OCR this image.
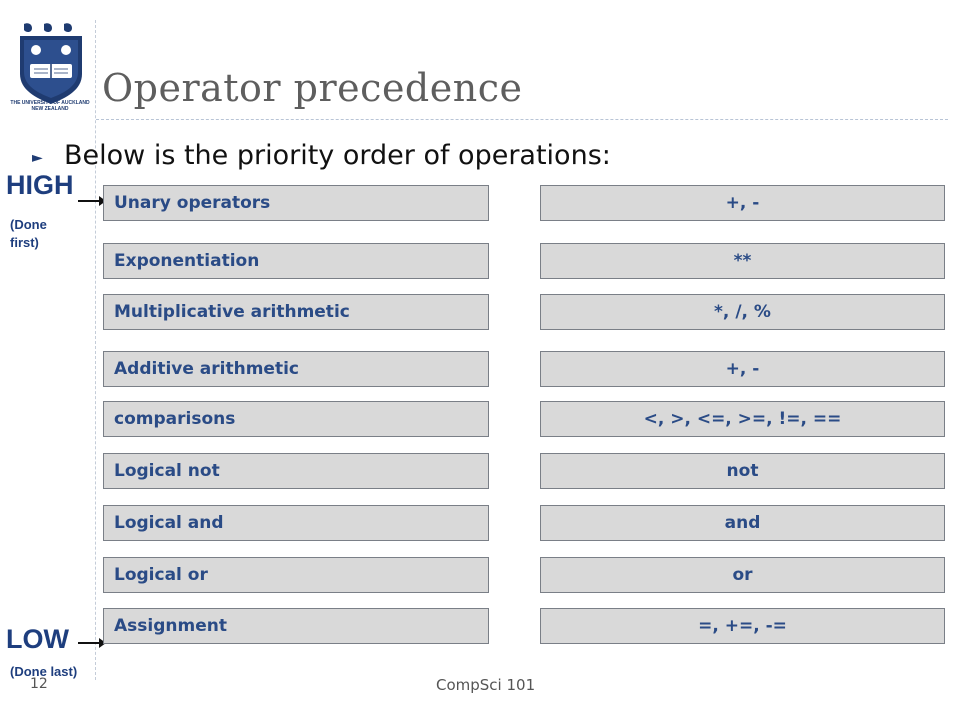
THE UNIVERSITY OF AUCKLAND NEW ZEALAND Operator precedence
► Below is the priority order of operations:
HIGH
(Done first)
LOW
(Done last)
Unary operators	+, -
Exponentiation	**
Multiplicative arithmetic	*, /, %
Additive arithmetic	+, -
comparisons	<, >, <=, >=, !=, ==
Logical not	not
Logical and	and
Logical or	or
Assignment	=, +=, -=
12	CompSci 101
